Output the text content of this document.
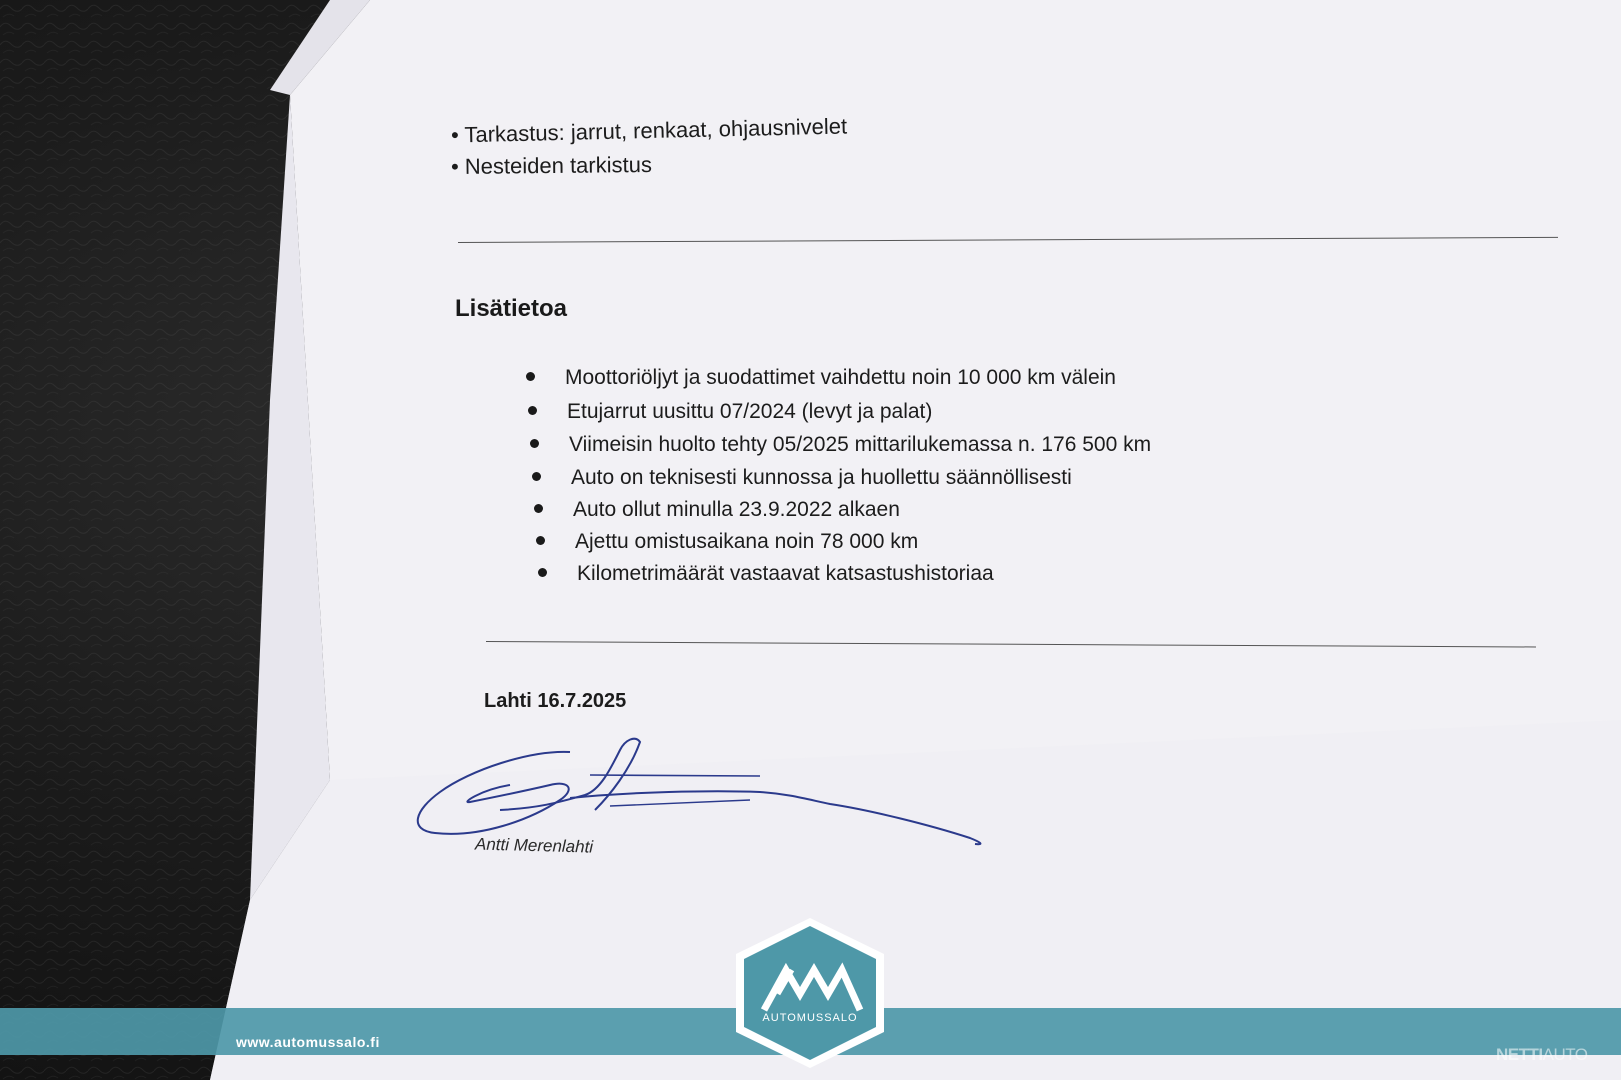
• Tarkastus: jarrut, renkaat, ohjausnivelet
• Nesteiden tarkistus
Lisätietoa
Moottoriöljyt ja suodattimet vaihdettu noin 10 000 km välein
Etujarrut uusittu 07/2024 (levyt ja palat)
Viimeisin huolto tehty 05/2025 mittarilukemassa n. 176 500 km
Auto on teknisesti kunnossa ja huollettu säännöllisesti
Auto ollut minulla 23.9.2022 alkaen
Ajettu omistusaikana noin 78 000 km
Kilometrimäärät vastaavat katsastushistoriaa
Lahti 16.7.2025
Antti Merenlahti
www.automussalo.fi
AUTOMUSSALO
NETTIAUTO
